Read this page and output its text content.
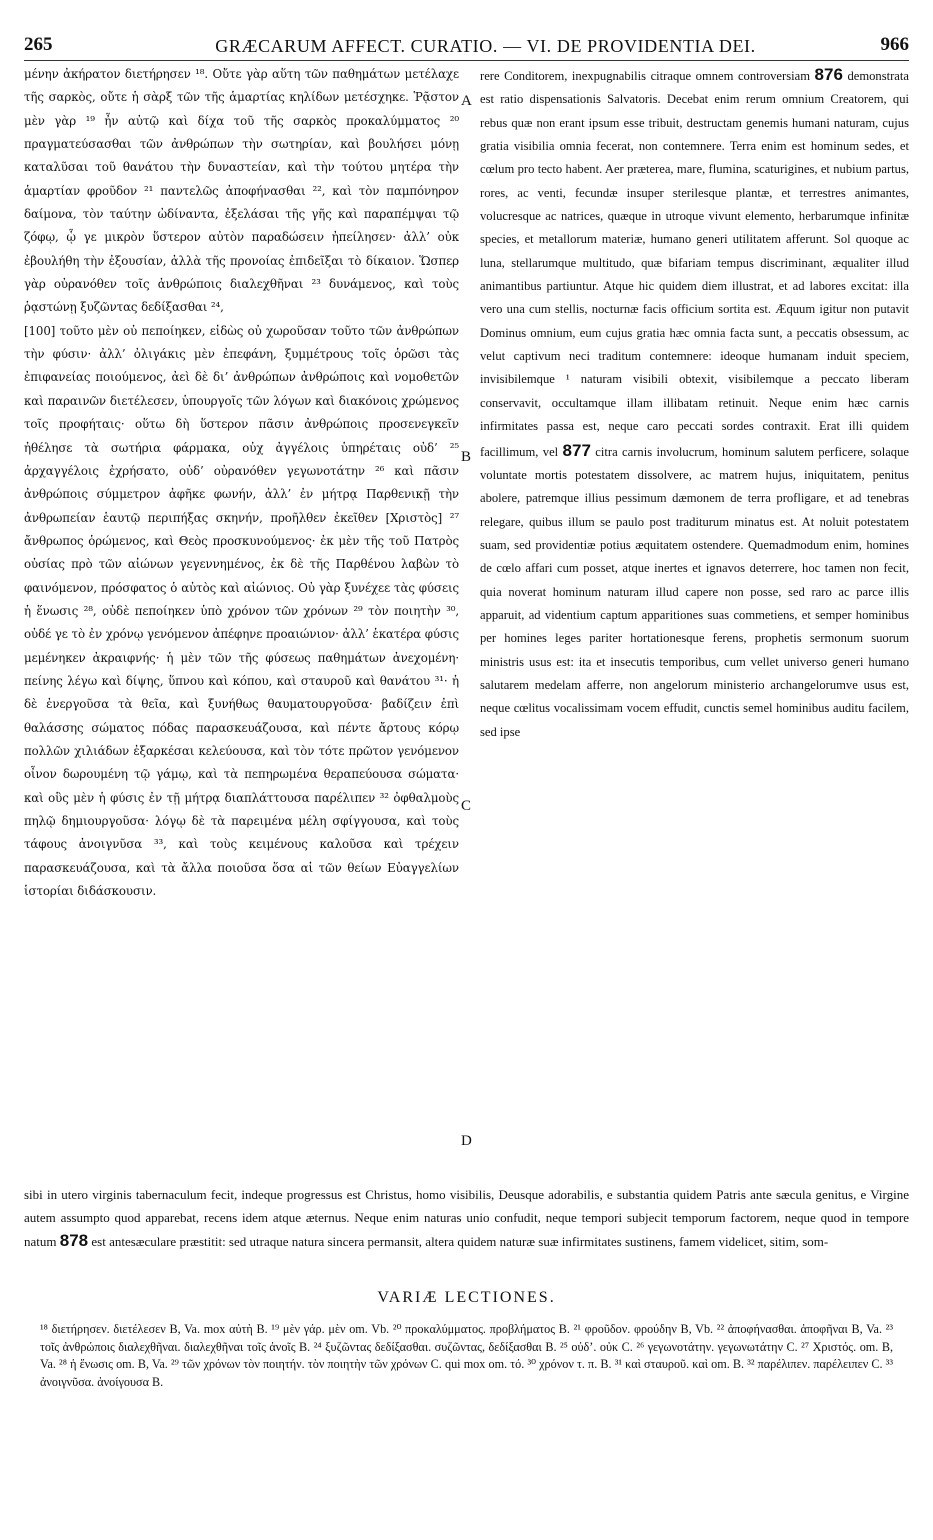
265	GRÆCARUM AFFECT. CURATIO. — VI. DE PROVIDENTIA DEI.	966

μένην ἀκήρατον διετήρησεν ¹⁸. Οὔτε γὰρ αὕτη τῶν παθημάτων μετέλαχε τῆς σαρκὸς, οὔτε ἡ σὰρξ τῶν τῆς ἁμαρτίας κηλίδων μετέσχηκε. Ῥᾷστον μὲν γὰρ ¹⁹ ἦν αὐτῷ καὶ δίχα τοῦ τῆς σαρκὸς προκαλύμματος ²⁰ πραγματεύσασθαι τῶν ἀνθρώπων τὴν σωτηρίαν, καὶ βουλήσει μόνῃ καταλῦσαι τοῦ θανάτου τὴν δυναστείαν, καὶ τὴν τούτου μητέρα τὴν ἁμαρτίαν φροῦδον ²¹ παντελῶς ἀποφήνασθαι ²², καὶ τὸν παμπόνηρον δαίμονα, τὸν ταύτην ὠδίναντα, ἐξελάσαι τῆς γῆς καὶ παραπέμψαι τῷ ζόφῳ, ᾧ γε μικρὸν ὕστερον αὐτὸν παραδώσειν ἠπείλησεν· ἀλλ’ οὐκ ἐβουλήθη τὴν ἐξουσίαν, ἀλλὰ τῆς προνοίας ἐπιδεῖξαι τὸ δίκαιον. Ὥσπερ γὰρ οὐρανόθεν τοῖς ἀνθρώποις διαλεχθῆναι ²³ δυνάμενος, καὶ τοὺς ῥᾳστώνῃ ξυζῶντας δεδίξασθαι ²⁴,

[100] τοῦτο μὲν οὐ πεποίηκεν, εἰδὼς οὐ χωροῦσαν τοῦτο τῶν ἀνθρώπων τὴν φύσιν· ἀλλ’ ὀλιγάκις μὲν ἐπεφάνη, ξυμμέτρους τοῖς ὁρῶσι τὰς ἐπιφανείας ποιούμενος, ἀεὶ δὲ δι’ ἀνθρώπων ἀνθρώποις καὶ νομοθετῶν καὶ παραινῶν διετέλεσεν, ὑπουργοῖς τῶν λόγων καὶ διακόνοις χρώμενος τοῖς προφήταις· οὕτω δὴ ὕστερον πᾶσιν ἀνθρώποις προσενεγκεῖν ἠθέλησε τὰ σωτήρια φάρμακα, οὐχ ἀγγέλοις ὑπηρέταις οὐδ’ ²⁵ ἀρχαγγέλοις ἐχρήσατο, οὐδ’ οὐρανόθεν γεγωνοτάτην ²⁶ καὶ πᾶσιν ἀνθρώποις σύμμετρον ἀφῆκε φωνήν, ἀλλ’ ἐν μήτρᾳ Παρθενικῇ τὴν ἀνθρωπείαν ἑαυτῷ περιπήξας σκηνήν, προῆλθεν ἐκεῖθεν [Χριστὸς] ²⁷ ἄνθρωπος ὁρώμενος, καὶ Θεὸς προσκυνούμενος· ἐκ μὲν τῆς τοῦ Πατρὸς οὐσίας πρὸ τῶν αἰώνων γεγεννημένος, ἐκ δὲ τῆς Παρθένου λαβὼν τὸ φαινόμενον, πρόσφατος ὁ αὐτὸς καὶ αἰώνιος. Οὐ γὰρ ξυνέχεε τὰς φύσεις ἡ ἕνωσις ²⁸, οὐδὲ πεποίηκεν ὑπὸ χρόνον τῶν χρόνων ²⁹ τὸν ποιητὴν ³⁰, οὐδέ γε τὸ ἐν χρόνῳ γενόμενον ἀπέφηνε προαιώνιον· ἀλλ’ ἑκατέρα φύσις μεμένηκεν ἀκραιφνής· ἡ μὲν τῶν τῆς φύσεως παθημάτων ἀνεχομένη· πείνης λέγω καὶ δίψης, ὕπνου καὶ κόπου, καὶ σταυροῦ καὶ θανάτου ³¹· ἡ δὲ ἐνεργοῦσα τὰ θεῖα, καὶ ξυνήθως θαυματουργοῦσα· βαδίζειν ἐπὶ θαλάσσης σώματος πόδας παρασκευάζουσα, καὶ πέντε ἄρτους κόρῳ πολλῶν χιλιάδων ἐξαρκέσαι κελεύουσα, καὶ τὸν τότε πρῶτον γενόμενον οἶνον δωρουμένη τῷ γάμῳ, καὶ τὰ πεπηρωμένα θεραπεύουσα σώματα· καὶ οὓς μὲν ἡ φύσις ἐν τῇ μήτρᾳ διαπλάττουσα παρέλιπεν ³² ὀφθαλμοὺς πηλῷ δημιουργοῦσα· λόγῳ δὲ τὰ παρειμένα μέλη σφίγγουσα, καὶ τοὺς τάφους ἀνοιγνῦσα ³³, καὶ τοὺς κειμένους καλοῦσα καὶ τρέχειν παρασκευάζουσα, καὶ τὰ ἄλλα ποιοῦσα ὅσα αἱ τῶν θείων Εὐαγγελίων ἱστορίαι διδάσκουσιν.

A
B
C
D

rere Conditorem, inexpugnabilis citraque omnem controversiam 876 demonstrata est ratio dispensationis Salvatoris. Decebat enim rerum omnium Creatorem, qui rebus quæ non erant ipsum esse tribuit, destructam genemis humani naturam, cujus gratia visibilia omnia fecerat, non contemnere. Terra enim est hominum sedes, et cœlum pro tecto habent. Aer præterea, mare, flumina, scaturigines, et nubium partus, rores, ac venti, fecundæ insuper sterilesque plantæ, et terrestres animantes, volucresque ac natrices, quæque in utroque vivunt elemento, herbarumque infinitæ species, et metallorum materiæ, humano generi utilitatem afferunt. Sol quoque ac luna, stellarumque multitudo, quæ bifariam tempus discriminant, æqualiter illud animantibus partiuntur. Atque hic quidem diem illustrat, et ad labores excitat: illa vero una cum stellis, nocturnæ facis officium sortita est. Æquum igitur non putavit Dominus omnium, eum cujus gratia hæc omnia facta sunt, a peccatis obsessum, ac velut captivum neci traditum contemnere: ideoque humanam induit speciem, invisibilemque ¹ naturam visibili obtexit, visibilemque a peccato liberam conservavit, occultamque illam illibatam retinuit. Neque enim hæc carnis infirmitates passa est, neque caro peccati sordes contraxit. Erat illi quidem facillimum, vel 877 citra carnis involucrum, hominum salutem perficere, solaque voluntate mortis potestatem dissolvere, ac matrem hujus, iniquitatem, penitus abolere, patremque illius pessimum dæmonem de terra profligare, et ad tenebras relegare, quibus illum se paulo post traditurum minatus est. At noluit potestatem suam, sed providentiæ potius æquitatem ostendere. Quemadmodum enim, homines de cœlo affari cum posset, atque inertes et ignavos deterrere, hoc tamen non fecit, quia noverat hominum naturam illud capere non posse, sed raro ac parce illis apparuit, ad videntium captum apparitiones suas commetiens, et semper hominibus per homines leges pariter hortationesque ferens, prophetis sermonum suorum ministris usus est: ita et insecutis temporibus, cum vellet universo generi humano salutarem medelam afferre, non angelorum ministerio archangelorumve usus est, neque cœlitus vocalissimam vocem effudit, cunctis semel hominibus auditu facilem, sed ipse

sibi in utero virginis tabernaculum fecit, indeque progressus est Christus, homo visibilis, Deusque adorabilis, e substantia quidem Patris ante sæcula genitus, e Virgine autem assumpto quod apparebat, recens idem atque æternus. Neque enim naturas unio confudit, neque tempori subjecit temporum factorem, neque quod in tempore natum 878 est antesæculare præstitit: sed utraque natura sincera permansit, altera quidem naturæ suæ infirmitates sustinens, famem videlicet, sitim, som-
VARIÆ LECTIONES.
¹⁸ διετήρησεν. διετέλεσεν B, Va. mox αὐτὴ B. ¹⁹ μὲν γάρ. μὲν om. Vb. ²⁰ προκαλύμματος. προβλήματος B. ²¹ φροῦδον. φρούδην B, Vb. ²² ἀποφήνασθαι. ἀποφῆναι B, Va. ²³ τοῖς ἀνθρώποις διαλεχθῆναι. διαλεχθῆναι τοῖς ἀνοῖς B. ²⁴ ξυζῶντας δεδίξασθαι. συζῶντας, δεδίξασθαι B. ²⁵ οὐδ’. οὐκ C. ²⁶ γεγωνοτάτην. γεγωνωτάτην C. ²⁷ Χριστός. om. B, Va. ²⁸ ἡ ἕνωσις om. B, Va. ²⁹ τῶν χρόνων τὸν ποιητήν. τὸν ποιητὴν τῶν χρόνων C. qui mox om. τό. ³⁰ χρόνον τ. π. B. ³¹ καὶ σταυροῦ. καὶ om. B. ³² παρέλιπεν. παρέλειπεν C. ³³ ἀνοιγνῦσα. ἀνοίγουσα B.
